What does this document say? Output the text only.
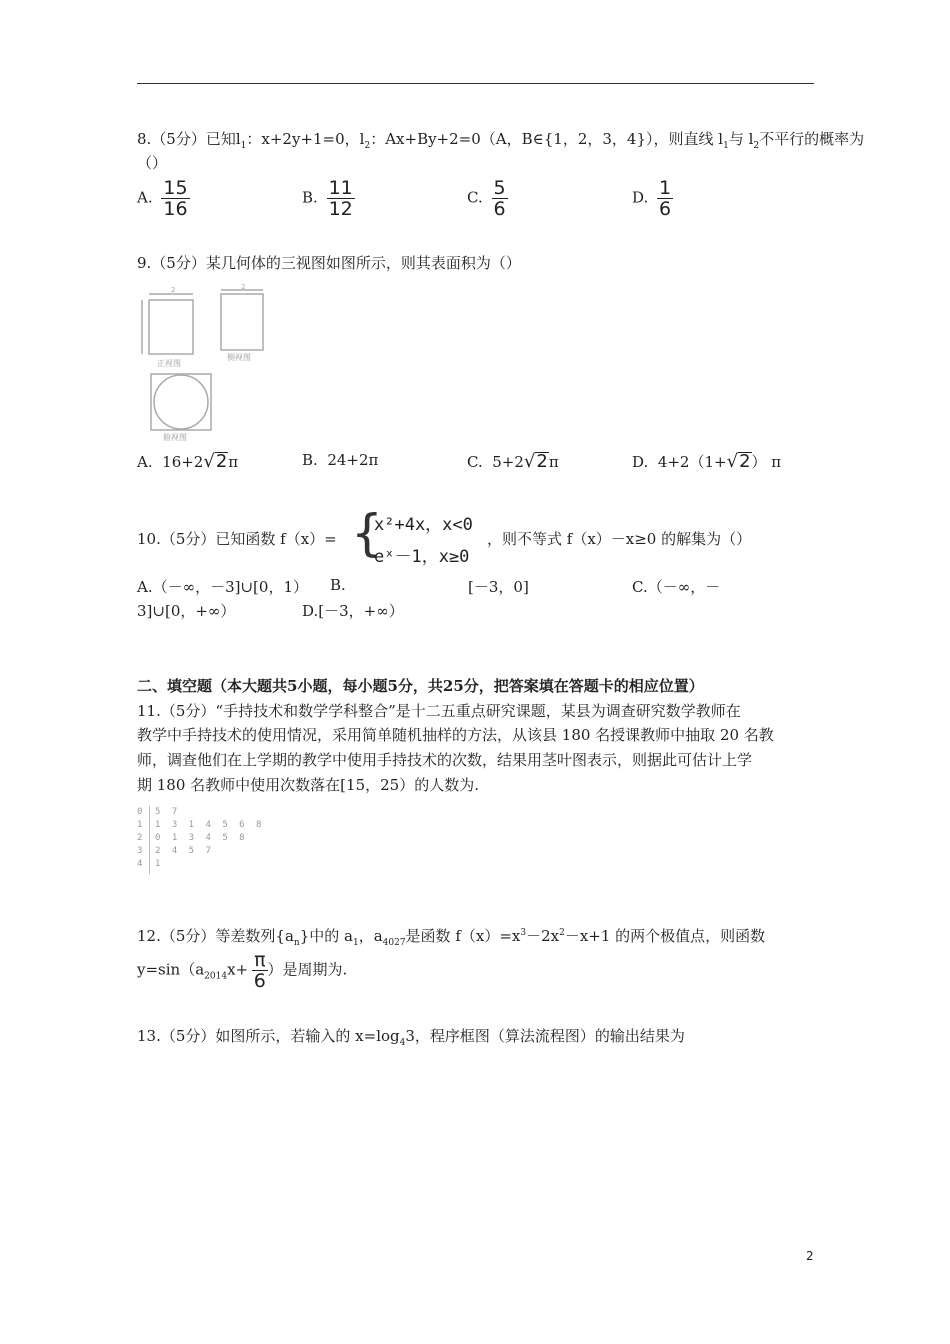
8.（5分）已知$l_1$：x+2y+1=0，$l_2$：Ax+By+2=0（A，B∈{1，2，3，4}），则直线 $l_1$与 $l_2$不平行的概率为
（）
A. $\frac{15}{16}$	B. $\frac{11}{12}$	C. $\frac{5}{6}$	D. $\frac{1}{6}$
9.（5分）某几何体的三视图如图所示，则其表面积为（）
2	2
正视图
侧视图
俯视图
A. 16+2√2π	B. 24+2π	C. 5+2√2π	D. 4+2（1+√2） π
10.（5分）已知函数 f（x）= {
x²+4x，x<0
eˣ－1，x≥0
，则不等式 f（x）－x≥0 的解集为（）
A.（－∞，－3]∪[0，1） B.	[－3，0]	C.（－∞，－
3]∪[0，+∞）	D.[－3，+∞）
二、填空题（本大题共5小题，每小题5分，共25分，把答案填在答题卡的相应位置）
11.（5分）“手持技术和数学学科整合”是十二五重点研究课题，某县为调查研究数学教师在
教学中手持技术的使用情况，采用简单随机抽样的方法，从该县 180 名授课教师中抽取 20 名教
师，调查他们在上学期的教学中使用手持技术的次数，结果用茎叶图表示，则据此可估计上学
期 180 名教师中使用次数落在[15，25）的人数为.
0 5 7
1 1 3 1 4 5 6 8
2 0 1 3 4 5 8
3 2 4 5 7
4 1
12.（5分）等差数列$\{a_n\}$中的 $a_1$，$a_{4027}$是函数 $f(x)=x^3-2x^2-x+1$ 的两个极值点，则函数
$y=\sin(a_{2014}x+ \frac{\pi}{6}$ ）是周期为.
13.（5分）如图所示，若输入的 $x=\log_43$，程序框图（算法流程图）的输出结果为
2
